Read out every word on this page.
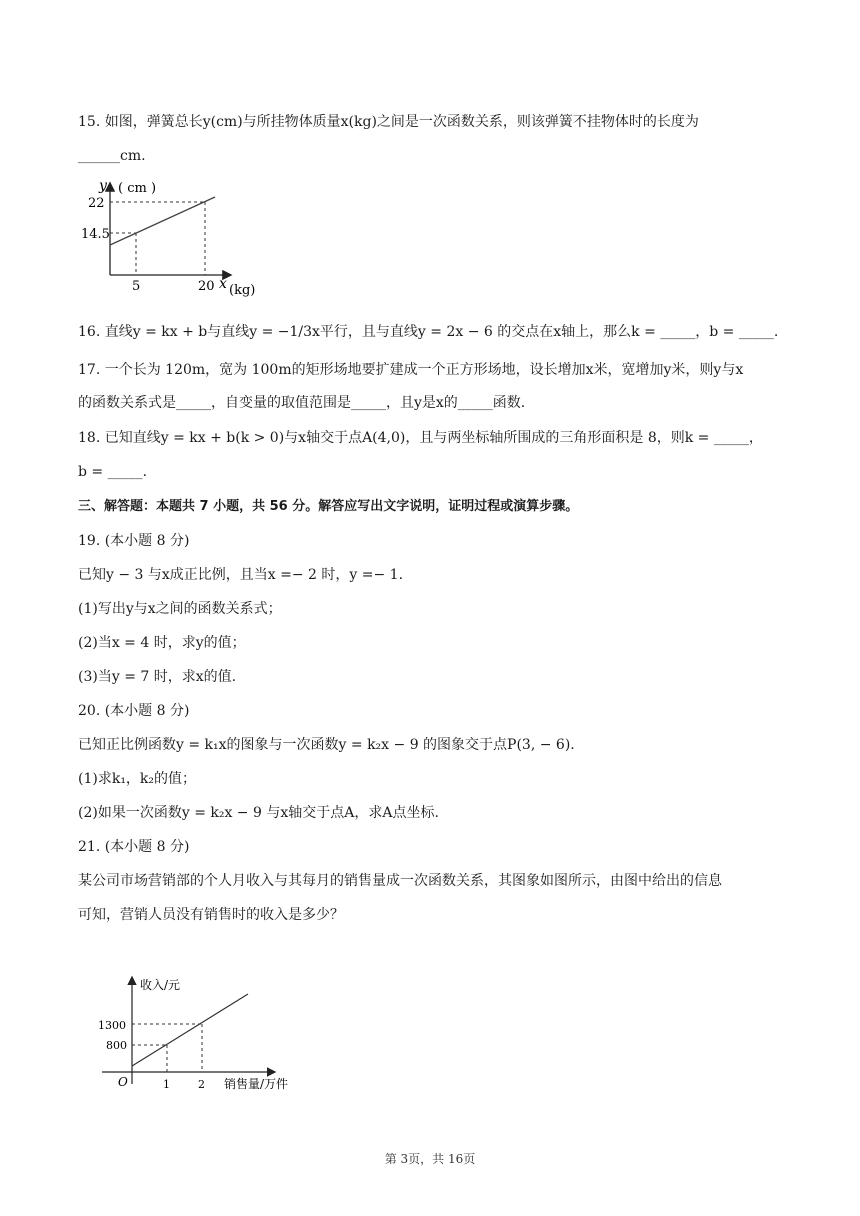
15. 如图，弹簧总长y(cm)与所挂物体质量x(kg)之间是一次函数关系，则该弹簧不挂物体时的长度为
______cm.
y ( cm )
22
14.5
5	20 x (kg)
16. 直线y = kx + b与直线y = −1/3x平行，且与直线y = 2x − 6 的交点在x轴上，那么k = _____，b = _____.
17. 一个长为 120m，宽为 100m的矩形场地要扩建成一个正方形场地，设长增加x米，宽增加y米，则y与x
的函数关系式是_____，自变量的取值范围是_____，且y是x的_____函数.
18. 已知直线y = kx + b(k > 0)与x轴交于点A(4,0)，且与两坐标轴所围成的三角形面积是 8，则k = _____，
b = _____.
三、解答题：本题共 7 小题，共 56 分。解答应写出文字说明，证明过程或演算步骤。
19. (本小题 8 分)
已知y − 3 与x成正比例，且当x =− 2 时，y =− 1.
(1)写出y与x之间的函数关系式；
(2)当x = 4 时，求y的值；
(3)当y = 7 时，求x的值.
20. (本小题 8 分)
已知正比例函数y = k₁x的图象与一次函数y = k₂x − 9 的图象交于点P(3, − 6).
(1)求k₁，k₂的值；
(2)如果一次函数y = k₂x − 9 与x轴交于点A，求A点坐标.
21. (本小题 8 分)
某公司市场营销部的个人月收入与其每月的销售量成一次函数关系，其图象如图所示，由图中给出的信息
可知，营销人员没有销售时的收入是多少？
收入/元
1300
800
O	1	2 销售量/万件
第 3页，共 16页
